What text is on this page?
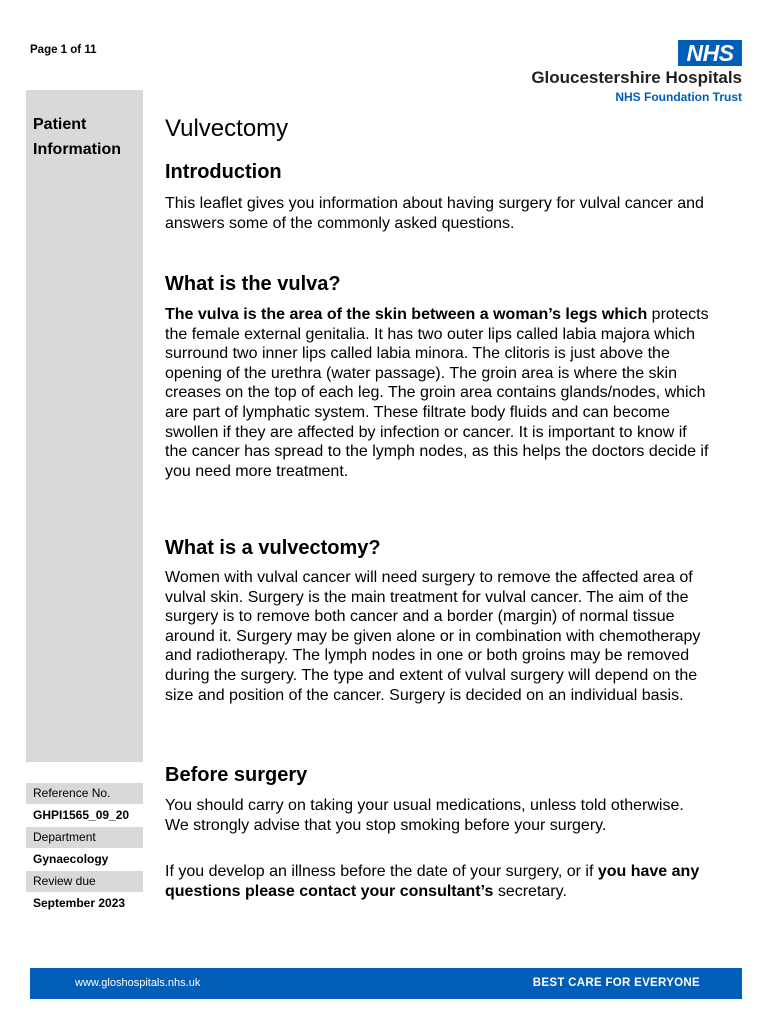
Page 1 of 11	NHS
Gloucestershire Hospitals
NHS Foundation Trust
Patient
Information
Reference No.
GHPI1565_09_20
Department
Gynaecology
Review due
September 2023
Vulvectomy
Introduction

This leaflet gives you information about having surgery for vulval cancer and answers some of the commonly asked questions.

What is the vulva?

The vulva is the area of the skin between a woman’s legs which protects the female external genitalia. It has two outer lips called labia majora which surround two inner lips called labia minora. The clitoris is just above the opening of the urethra (water passage). The groin area is where the skin creases on the top of each leg. The groin area contains glands/nodes, which are part of lymphatic system. These filtrate body fluids and can become swollen if they are affected by infection or cancer. It is important to know if the cancer has spread to the lymph nodes, as this helps the doctors decide if you need more treatment.

What is a vulvectomy?

Women with vulval cancer will need surgery to remove the affected area of vulval skin. Surgery is the main treatment for vulval cancer. The aim of the surgery is to remove both cancer and a border (margin) of normal tissue around it. Surgery may be given alone or in combination with chemotherapy and radiotherapy. The lymph nodes in one or both groins may be removed during the surgery. The type and extent of vulval surgery will depend on the size and position of the cancer. Surgery is decided on an individual basis.

Before surgery

You should carry on taking your usual medications, unless told otherwise. We strongly advise that you stop smoking before your surgery.

If you develop an illness before the date of your surgery, or if you have any questions please contact your consultant’s secretary.

www.gloshospitals.nhs.uk	BEST CARE FOR EVERYONE
